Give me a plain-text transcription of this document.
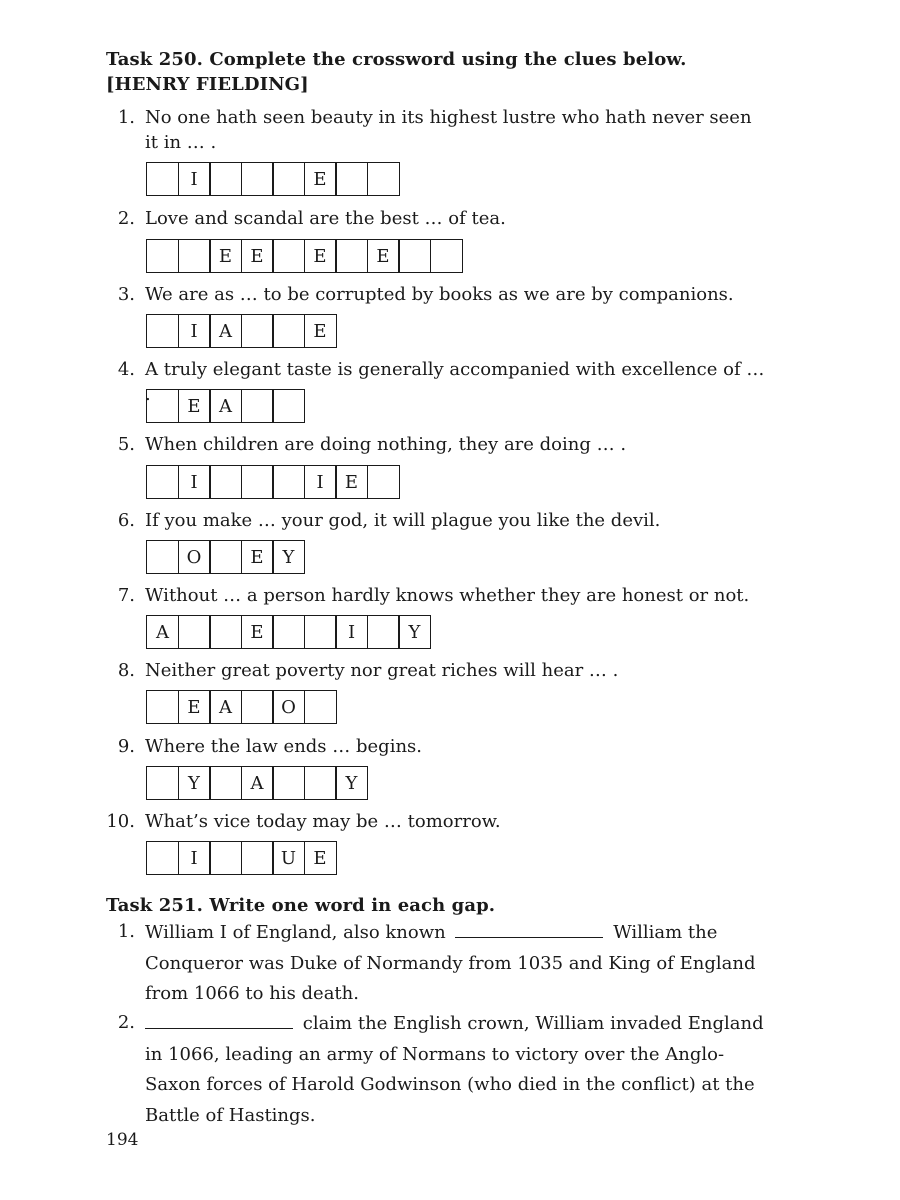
Task 250. Complete the crossword using the clues below. [HENRY FIELDING]
1. No one hath seen beauty in its highest lustre who hath never seen it in … .
I	E
2. Love and scandal are the best … of tea.
E	E	E	E
3. We are as … to be corrupted by books as we are by companions.
I	A	E
4. A truly elegant taste is generally accompanied with excellence of … .
E	A
5. When children are doing nothing, they are doing … .
I	I	E
6. If you make … your god, it will plague you like the devil.
O	E	Y
7. Without … a person hardly knows whether they are honest or not.
A	E	I	Y
8. Neither great poverty nor great riches will hear … .
E	A	O
9. Where the law ends … begins.
Y	A	Y
10. What’s vice today may be … tomorrow.
I	U E
Task 251. Write one word in each gap.
1. William I of England, also known	William the Conqueror was Duke of Normandy from 1035 and King of England from 1066 to his death.
2.	claim the English crown, William invaded England in 1066, leading an army of Normans to victory over the Anglo-Saxon forces of Harold Godwinson (who died in the conflict) at the Battle of Hastings.
194
